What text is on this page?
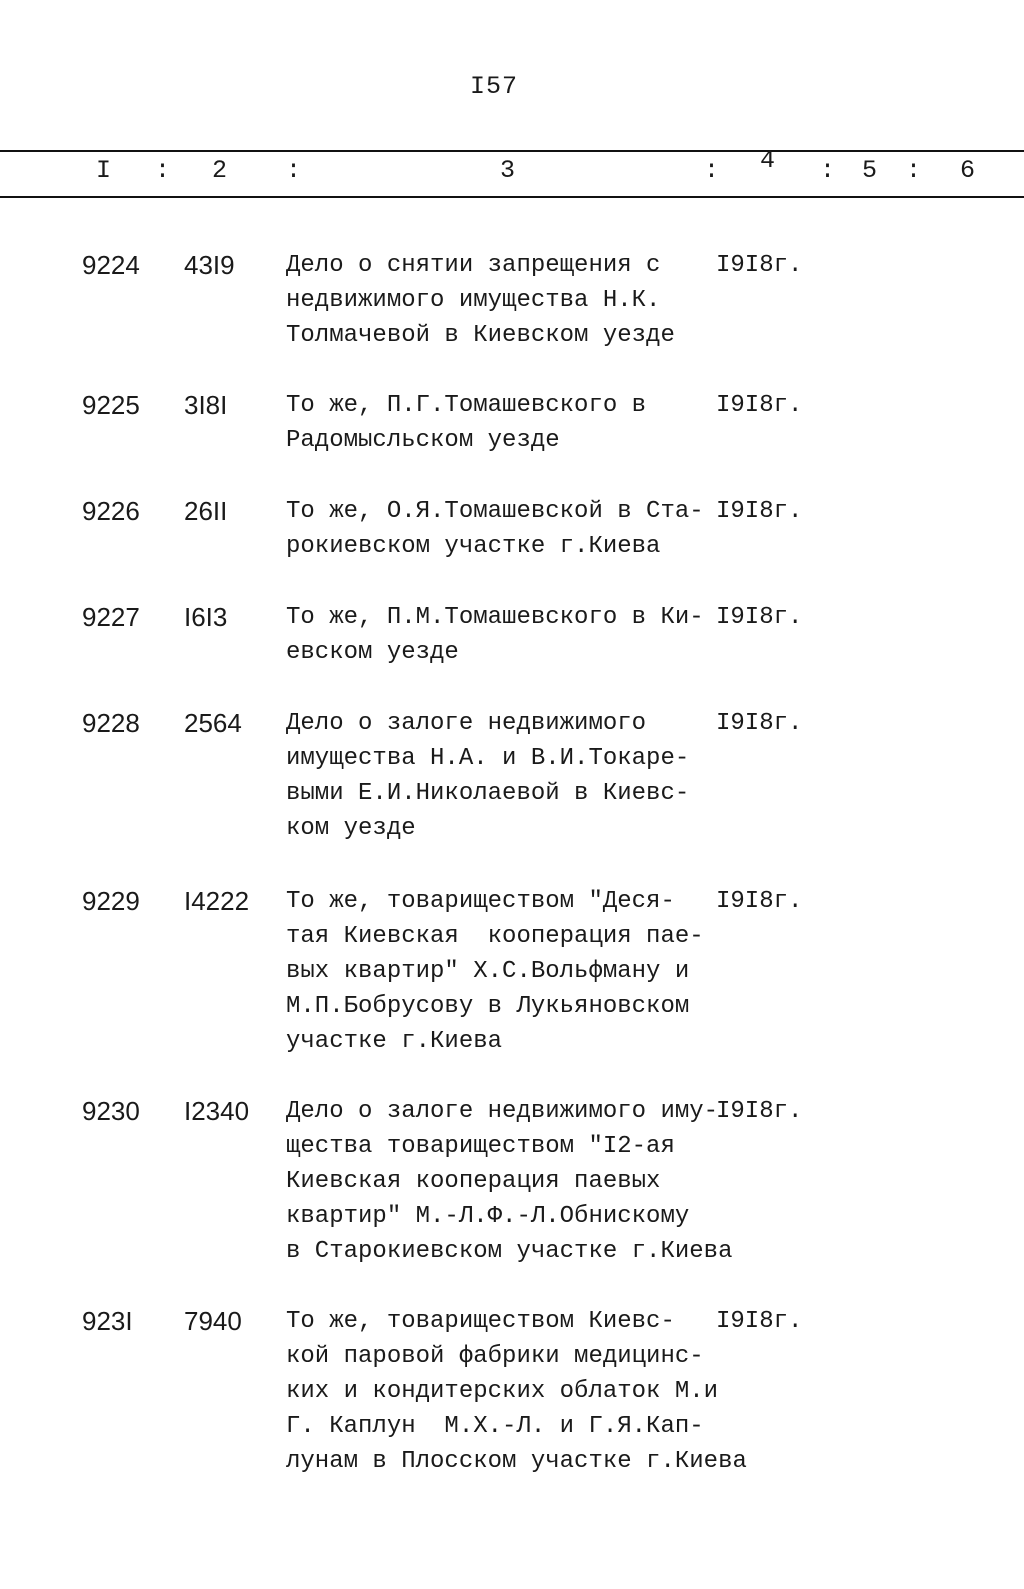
I57
I : 2 :	3	: 4 : 5 : 6
9224 43I9 Дело о снятии запрещения с
недвижимого имущества Н.К.
Толмачевой в Киевском уезде
I9I8г.
9225 3I8I То же, П.Г.Томашевского в
Радомысльском уезде
I9I8г.
9226 26II То же, О.Я.Томашевской в Ста-
рокиевском участке г.Киева
I9I8г.
9227 I6I3 То же, П.М.Томашевского в Ки-
евском уезде
I9I8г.
9228 2564 Дело о залоге недвижимого
имущества Н.А. и В.И.Токаре-
выми Е.И.Николаевой в Киевс-
ком уезде
I9I8г.
9229 I4222 То же, товариществом "Деся-
тая Киевская  кооперация пае-
вых квартир" Х.С.Вольфману и
М.П.Бобрусову в Лукьяновском
участке г.Киева
I9I8г.
9230 I2340 Дело о залоге недвижимого иму-
щества товариществом "I2-ая
Киевская кооперация паевых
квартир" М.-Л.Ф.-Л.Обнискому
в Старокиевском участке г.Киева
I9I8г.
923I 7940 То же, товариществом Киевс-
кой паровой фабрики медицинс-
ких и кондитерских облаток М.и
Г. Каплун  М.Х.-Л. и Г.Я.Кап-
лунам в Плосском участке г.Киева
I9I8г.
